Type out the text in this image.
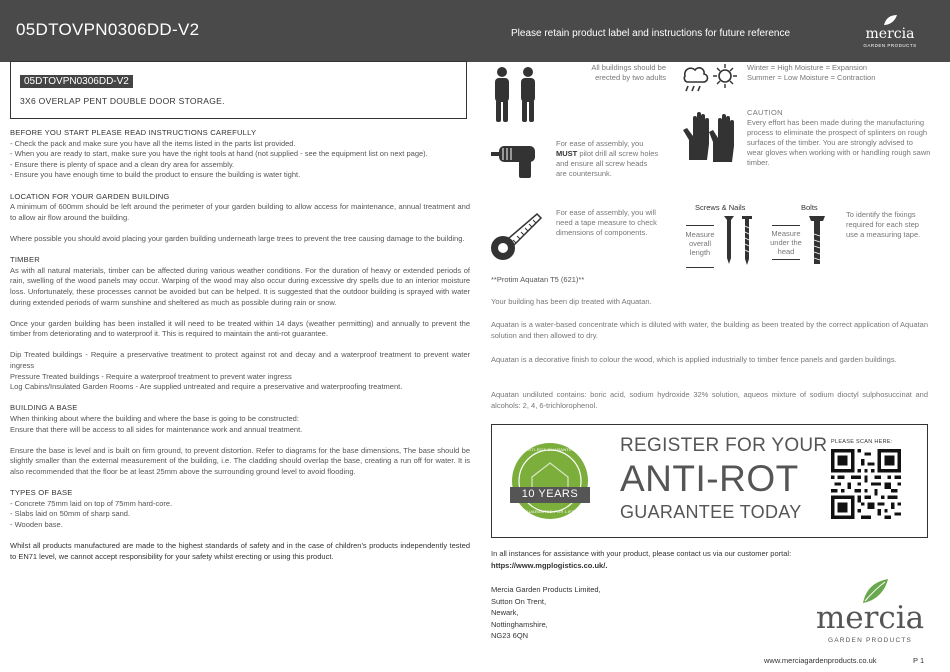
05DTOVPN0306DD-V2	Please retain product label and instructions for future reference	mercia
GARDEN PRODUCTS
05DTOVPN0306DD-V2
3X6 OVERLAP PENT DOUBLE DOOR STORAGE.
BEFORE YOU START PLEASE READ INSTRUCTIONS CAREFULLY

- Check the pack and make sure you have all the items listed in the parts list provided.

- When you are ready to start, make sure you have the right tools at hand (not supplied - see the equipment list on next page).

- Ensure there is plenty of space and a clean dry area for assembly.

- Ensure you have enough time to build the product to ensure the building is water tight.

LOCATION FOR YOUR GARDEN BUILDING

A minimum of 600mm should be left around the perimeter of your garden building to allow access for maintenance, annual treatment and to allow air flow around the building.

Where possible you should avoid placing your garden building underneath large trees to prevent the tree causing damage to the building.

TIMBER

As with all natural materials, timber can be affected during various weather conditions. For the duration of heavy or extended periods of rain, swelling of the wood panels may occur. Warping of the wood may also occur during excessive dry spells due to an interior moisture loss. Unfortunately, these processes cannot be avoided but can be helped. It is suggested that the outdoor building is sprayed with water during extended periods of warm sunshine and sheltered as much as possible during rain or snow.

Once your garden building has been installed it will need to be treated within 14 days (weather permitting) and annually to prevent the timber from deteriorating and to waterproof it. This is required to maintain the anti-rot guarantee.

Dip Treated buildings - Require a preservative treatment to protect against rot and decay and a waterproof treatment to prevent water ingress

Pressure Treated buildings - Require a waterproof treatment to prevent water ingress

Log Cabins/Insulated Garden Rooms - Are supplied untreated and require a preservative and waterproofing treatment.

BUILDING A BASE

When thinking about where the building and where the base is going to be constructed:

Ensure that there will be access to all sides for maintenance work and annual treatment.

Ensure the base is level and is built on firm ground, to prevent distortion. Refer to diagrams for the base dimensions, The base should be slightly smaller than the external measurement of the building, i.e. The cladding should overlap the base, creating a run off for water. It is also recommended that the floor be at least 25mm above the surrounding ground level to avoid flooding.

TYPES OF BASE

- Concrete 75mm laid on top of 75mm hard-core.

- Slabs laid on 50mm of sharp sand.

- Wooden base.

Whilst all products manufactured are made to the highest standards of safety and in the case of children's products independently tested to EN71 level, we cannot accept responsibility for your safety whilst erecting or using this product.

All buildings should be erected by two adults
Winter = High Moisture = Expansion
Summer = Low Moisture = Contraction
For ease of assembly, you
MUST pilot drill all screw holes and ensure all screw heads are countersunk.
CAUTION
Every effort has been made during the manufacturing process to eliminate the prospect of splinters on rough surfaces of the timber. You are strongly advised to wear gloves when working with or handling rough sawn timber.
For ease of assembly, you will need a tape measure to check dimensions of components.
Screws & Nails	Bolts
Measure overall length
Measure under the head
To identify the fixings required for each step use a measuring tape.
**Protim Aquatan T5 (621)**
Your building has been dip treated with Aquatan.
Aquatan is a water-based concentrate which is diluted with water, the building as been treated by the correct application of Aquatan solution and then allowed to dry.
Aquatan is a decorative finish to colour the wood, which is applied industrially to timber fence panels and garden buildings.
Aquatan undiluted contains: boric acid, sodium hydroxide 32% solution, aqueos mixture of sodium dioctyl sulphosuccinat and alcohols: 2, 4, 6-trichlorophenol.
ANTI-ROT GUARANTEE
10 YEARS
GUARANTEE FOR LIFE
REGISTER FOR YOUR
ANTI-ROT
GUARANTEE TODAY
PLEASE SCAN HERE:
In all instances for assistance with your product, please contact us via our customer portal: https://www.mgplogistics.co.uk/.
Mercia Garden Products Limited,
Sutton On Trent,
Newark,
Nottinghamshire,
NG23 6QN	mercia
GARDEN PRODUCTS
www.merciagardenproducts.co.uk	P 1
